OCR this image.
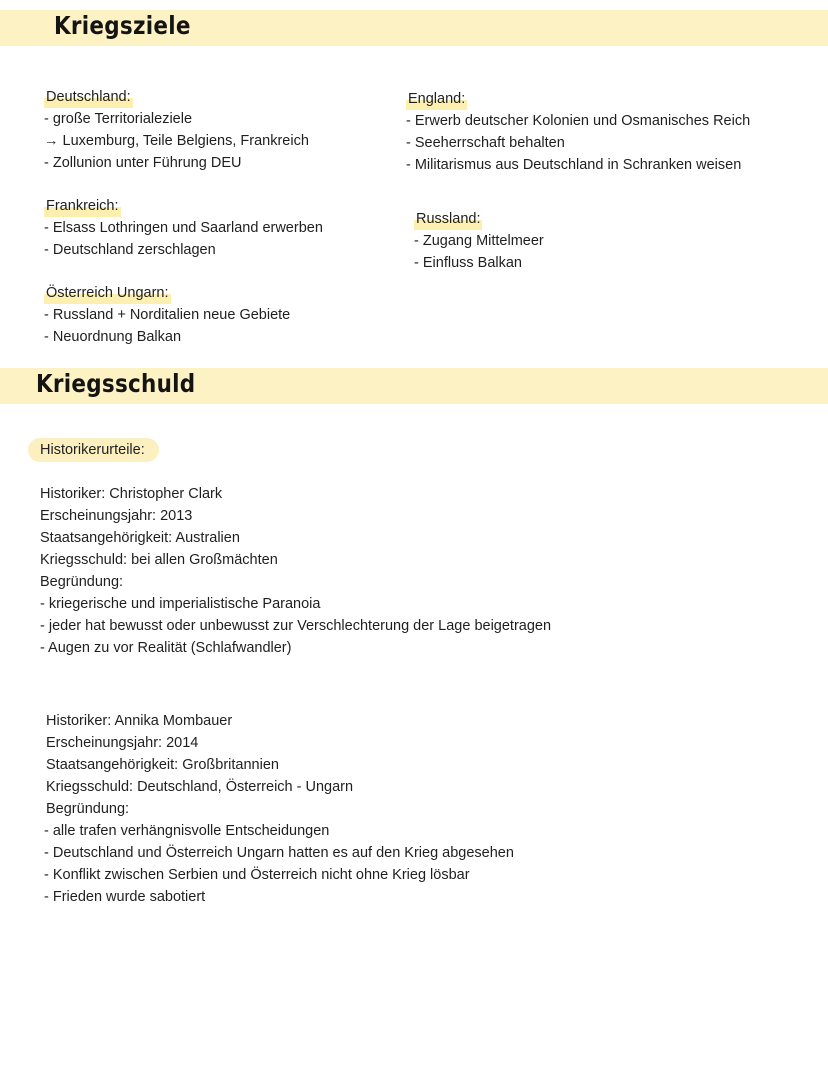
Kriegsziele
Deutschland:
- große Territorialeziele
→ Luxemburg, Teile Belgiens, Frankreich
- Zollunion unter Führung DEU
Frankreich:
- Elsass Lothringen und Saarland erwerben
- Deutschland zerschlagen
Österreich Ungarn:
- Russland + Norditalien neue Gebiete
- Neuordnung Balkan
England:
- Erwerb deutscher Kolonien und Osmanisches Reich
- Seeherrschaft behalten
- Militarismus aus Deutschland in Schranken weisen
Russland:
- Zugang Mittelmeer
- Einfluss Balkan
Kriegsschuld
Historikerurteile:
Historiker: Christopher Clark
Erscheinungsjahr: 2013
Staatsangehörigkeit: Australien
Kriegsschuld: bei allen Großmächten
Begründung:
- kriegerische und imperialistische Paranoia
- jeder hat bewusst oder unbewusst zur Verschlechterung der Lage beigetragen
- Augen zu vor Realität (Schlafwandler)
Historiker: Annika Mombauer
Erscheinungsjahr: 2014
Staatsangehörigkeit: Großbritannien
Kriegsschuld: Deutschland, Österreich - Ungarn
Begründung:
- alle trafen verhängnisvolle Entscheidungen
- Deutschland und Österreich Ungarn hatten es auf den Krieg abgesehen
- Konflikt zwischen Serbien und Österreich nicht ohne Krieg lösbar
- Frieden wurde sabotiert
